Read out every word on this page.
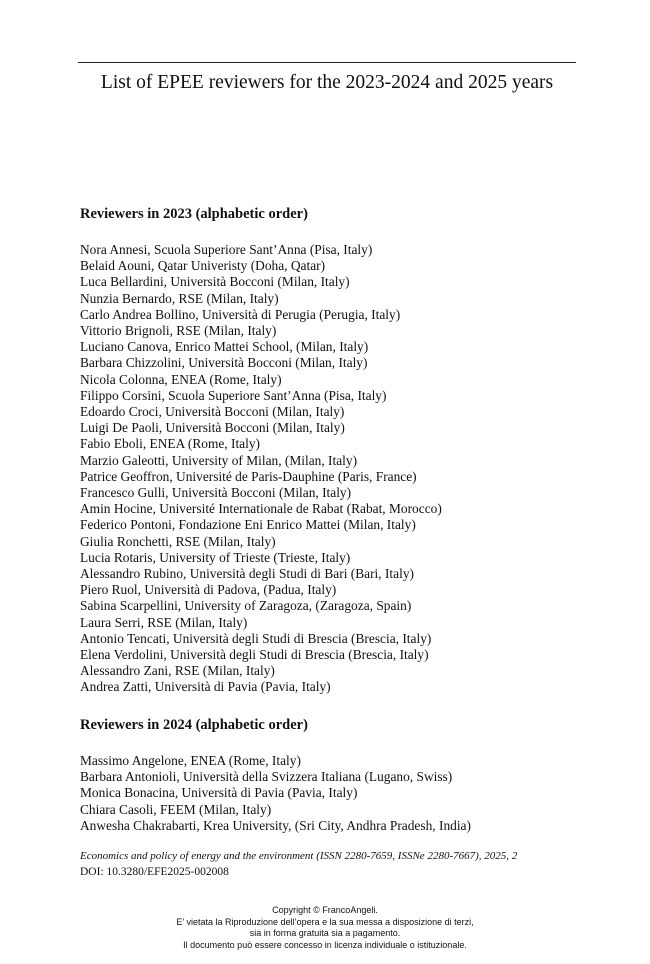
List of EPEE reviewers for the 2023-2024 and 2025 years
Reviewers in 2023 (alphabetic order)
Nora Annesi, Scuola Superiore Sant’Anna (Pisa, Italy)
Belaid Aouni, Qatar Univeristy (Doha, Qatar)
Luca Bellardini, Università Bocconi (Milan, Italy)
Nunzia Bernardo, RSE (Milan, Italy)
Carlo Andrea Bollino, Università di Perugia (Perugia, Italy)
Vittorio Brignoli, RSE (Milan, Italy)
Luciano Canova, Enrico Mattei School, (Milan, Italy)
Barbara Chizzolini, Università Bocconi (Milan, Italy)
Nicola Colonna, ENEA (Rome, Italy)
Filippo Corsini, Scuola Superiore Sant’Anna (Pisa, Italy)
Edoardo Croci, Università Bocconi (Milan, Italy)
Luigi De Paoli, Università Bocconi (Milan, Italy)
Fabio Eboli, ENEA (Rome, Italy)
Marzio Galeotti, University of Milan, (Milan, Italy)
Patrice Geoffron, Université de Paris-Dauphine (Paris, France)
Francesco Gulli, Università Bocconi (Milan, Italy)
Amin Hocine, Université Internationale de Rabat (Rabat, Morocco)
Federico Pontoni, Fondazione Eni Enrico Mattei (Milan, Italy)
Giulia Ronchetti, RSE (Milan, Italy)
Lucia Rotaris, University of Trieste (Trieste, Italy)
Alessandro Rubino, Università degli Studi di Bari (Bari, Italy)
Piero Ruol, Università di Padova, (Padua, Italy)
Sabina Scarpellini, University of Zaragoza, (Zaragoza, Spain)
Laura Serri, RSE (Milan, Italy)
Antonio Tencati, Università degli Studi di Brescia (Brescia, Italy)
Elena Verdolini, Università degli Studi di Brescia (Brescia, Italy)
Alessandro Zani, RSE (Milan, Italy)
Andrea Zatti, Università di Pavia (Pavia, Italy)
Reviewers in 2024 (alphabetic order)
Massimo Angelone, ENEA (Rome, Italy)
Barbara Antonioli, Università della Svizzera Italiana (Lugano, Swiss)
Monica Bonacina, Università di Pavia (Pavia, Italy)
Chiara Casoli, FEEM (Milan, Italy)
Anwesha Chakrabarti, Krea University, (Sri City, Andhra Pradesh, India)
Economics and policy of energy and the environment (ISSN 2280-7659, ISSNe 2280-7667), 2025, 2
DOI: 10.3280/EFE2025-002008
Copyright © FrancoAngeli.
E’ vietata la Riproduzione dell’opera e la sua messa a disposizione di terzi,
sia in forma gratuita sia a pagamento.
Il documento può essere concesso in licenza individuale o istituzionale.
